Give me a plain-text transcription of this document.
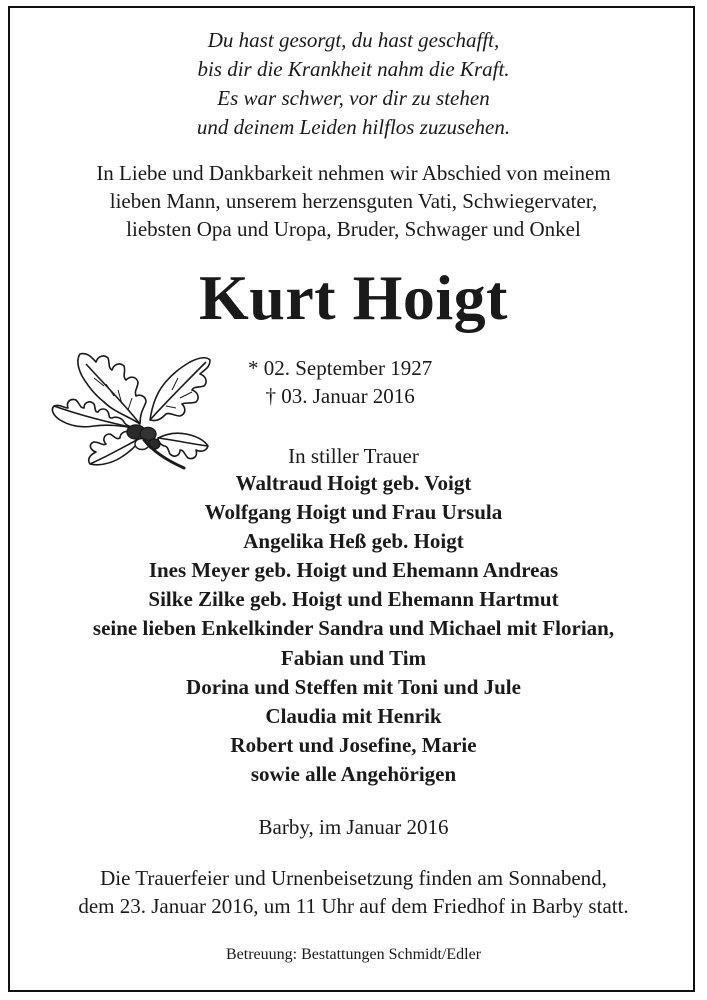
Du hast gesorgt, du hast geschafft,
bis dir die Krankheit nahm die Kraft.
Es war schwer, vor dir zu stehen
und deinem Leiden hilflos zuzusehen.
In Liebe und Dankbarkeit nehmen wir Abschied von meinem
lieben Mann, unserem herzensguten Vati, Schwiegervater,
liebsten Opa und Uropa, Bruder, Schwager und Onkel
Kurt Hoigt
* 02. September 1927
† 03. Januar 2016
In stiller Trauer
Waltraud Hoigt geb. Voigt
Wolfgang Hoigt und Frau Ursula
Angelika Heß geb. Hoigt
Ines Meyer geb. Hoigt und Ehemann Andreas
Silke Zilke geb. Hoigt und Ehemann Hartmut
seine lieben Enkelkinder Sandra und Michael mit Florian,
Fabian und Tim
Dorina und Steffen mit Toni und Jule
Claudia mit Henrik
Robert und Josefine, Marie
sowie alle Angehörigen
Barby, im Januar 2016
Die Trauerfeier und Urnenbeisetzung finden am Sonnabend,
dem 23. Januar 2016, um 11 Uhr auf dem Friedhof in Barby statt.
Betreuung: Bestattungen Schmidt/Edler
